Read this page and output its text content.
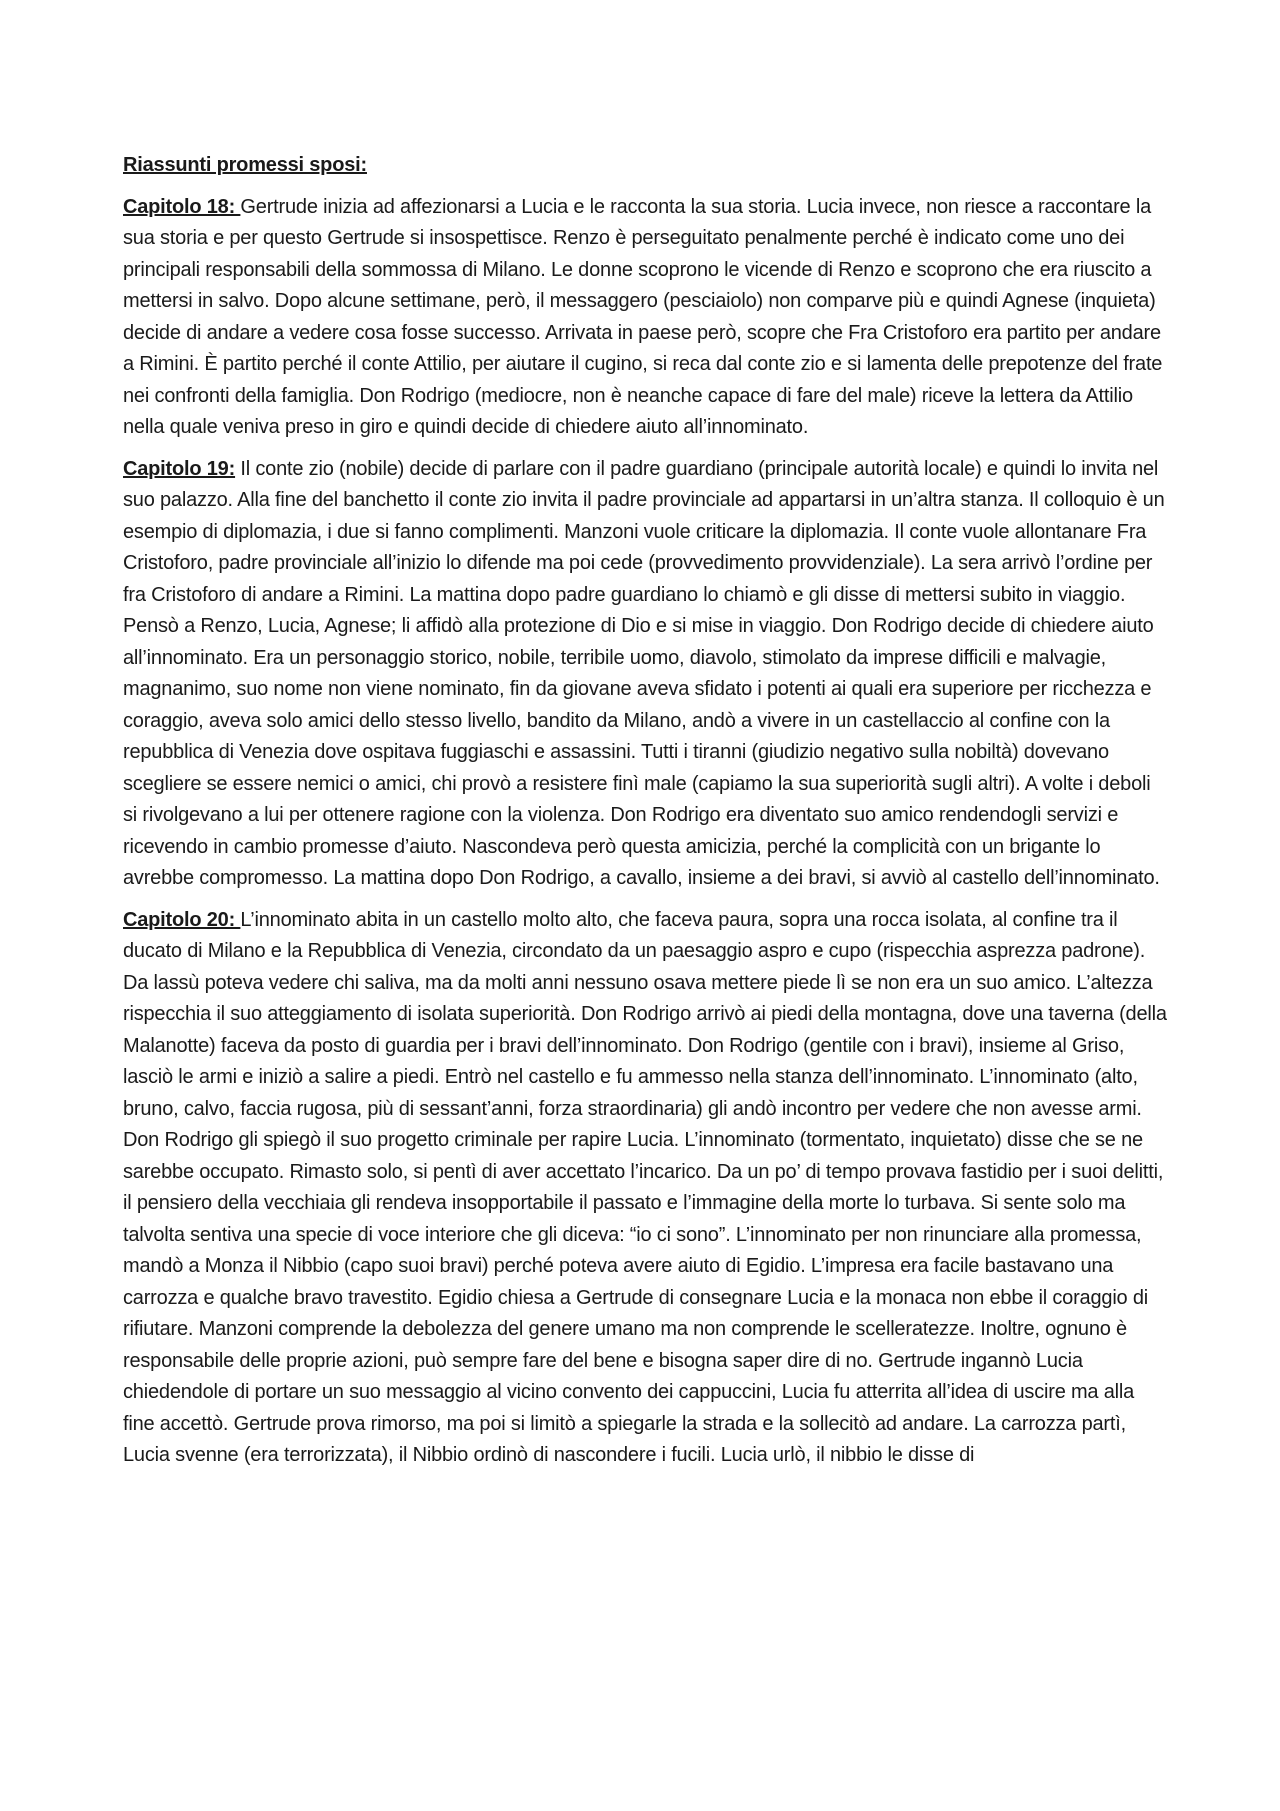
Riassunti promessi sposi:

Capitolo 18: Gertrude inizia ad affezionarsi a Lucia e le racconta la sua storia. Lucia invece, non riesce a raccontare la sua storia e per questo Gertrude si insospettisce. Renzo è perseguitato penalmente perché è indicato come uno dei principali responsabili della sommossa di Milano. Le donne scoprono le vicende di Renzo e scoprono che era riuscito a mettersi in salvo. Dopo alcune settimane, però, il messaggero (pesciaiolo) non comparve più e quindi Agnese (inquieta) decide di andare a vedere cosa fosse successo. Arrivata in paese però, scopre che Fra Cristoforo era partito per andare a Rimini. È partito perché il conte Attilio, per aiutare il cugino, si reca dal conte zio e si lamenta delle prepotenze del frate nei confronti della famiglia. Don Rodrigo (mediocre, non è neanche capace di fare del male) riceve la lettera da Attilio nella quale veniva preso in giro e quindi decide di chiedere aiuto all’innominato.

Capitolo 19: Il conte zio (nobile) decide di parlare con il padre guardiano (principale autorità locale) e quindi lo invita nel suo palazzo. Alla fine del banchetto il conte zio invita il padre provinciale ad appartarsi in un’altra stanza. Il colloquio è un esempio di diplomazia, i due si fanno complimenti. Manzoni vuole criticare la diplomazia. Il conte vuole allontanare Fra Cristoforo, padre provinciale all’inizio lo difende ma poi cede (provvedimento provvidenziale). La sera arrivò l’ordine per fra Cristoforo di andare a Rimini. La mattina dopo padre guardiano lo chiamò e gli disse di mettersi subito in viaggio. Pensò a Renzo, Lucia, Agnese; li affidò alla protezione di Dio e si mise in viaggio. Don Rodrigo decide di chiedere aiuto all’innominato. Era un personaggio storico, nobile, terribile uomo, diavolo, stimolato da imprese difficili e malvagie, magnanimo, suo nome non viene nominato, fin da giovane aveva sfidato i potenti ai quali era superiore per ricchezza e coraggio, aveva solo amici dello stesso livello, bandito da Milano, andò a vivere in un castellaccio al confine con la repubblica di Venezia dove ospitava fuggiaschi e assassini. Tutti i tiranni (giudizio negativo sulla nobiltà) dovevano scegliere se essere nemici o amici, chi provò a resistere finì male (capiamo la sua superiorità sugli altri). A volte i deboli si rivolgevano a lui per ottenere ragione con la violenza. Don Rodrigo era diventato suo amico rendendogli servizi e ricevendo in cambio promesse d’aiuto. Nascondeva però questa amicizia, perché la complicità con un brigante lo avrebbe compromesso. La mattina dopo Don Rodrigo, a cavallo, insieme a dei bravi, si avviò al castello dell’innominato.

Capitolo 20: L’innominato abita in un castello molto alto, che faceva paura, sopra una rocca isolata, al confine tra il ducato di Milano e la Repubblica di Venezia, circondato da un paesaggio aspro e cupo (rispecchia asprezza padrone). Da lassù poteva vedere chi saliva, ma da molti anni nessuno osava mettere piede lì se non era un suo amico. L’altezza rispecchia il suo atteggiamento di isolata superiorità. Don Rodrigo arrivò ai piedi della montagna, dove una taverna (della Malanotte) faceva da posto di guardia per i bravi dell’innominato. Don Rodrigo (gentile con i bravi), insieme al Griso, lasciò le armi e iniziò a salire a piedi. Entrò nel castello e fu ammesso nella stanza dell’innominato. L’innominato (alto, bruno, calvo, faccia rugosa, più di sessant’anni, forza straordinaria) gli andò incontro per vedere che non avesse armi. Don Rodrigo gli spiegò il suo progetto criminale per rapire Lucia. L’innominato (tormentato, inquietato) disse che se ne sarebbe occupato. Rimasto solo, si pentì di aver accettato l’incarico. Da un po’ di tempo provava fastidio per i suoi delitti, il pensiero della vecchiaia gli rendeva insopportabile il passato e l’immagine della morte lo turbava. Si sente solo ma talvolta sentiva una specie di voce interiore che gli diceva: “io ci sono”. L’innominato per non rinunciare alla promessa, mandò a Monza il Nibbio (capo suoi bravi) perché poteva avere aiuto di Egidio. L’impresa era facile bastavano una carrozza e qualche bravo travestito. Egidio chiesa a Gertrude di consegnare Lucia e la monaca non ebbe il coraggio di rifiutare. Manzoni comprende la debolezza del genere umano ma non comprende le scelleratezze. Inoltre, ognuno è responsabile delle proprie azioni, può sempre fare del bene e bisogna saper dire di no. Gertrude ingannò Lucia chiedendole di portare un suo messaggio al vicino convento dei cappuccini, Lucia fu atterrita all’idea di uscire ma alla fine accettò. Gertrude prova rimorso, ma poi si limitò a spiegarle la strada e la sollecitò ad andare. La carrozza partì, Lucia svenne (era terrorizzata), il Nibbio ordinò di nascondere i fucili. Lucia urlò, il nibbio le disse di
